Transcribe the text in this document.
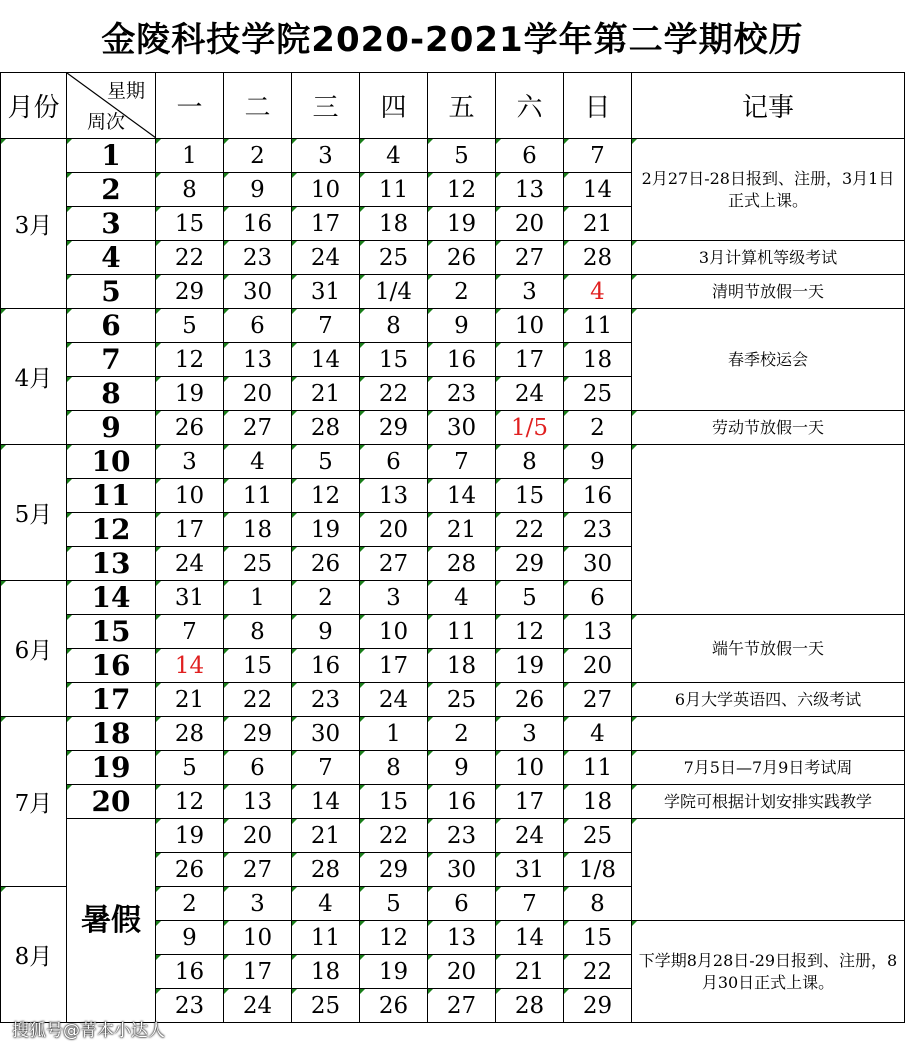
金陵科技学院2020-2021学年第二学期校历
月份	星期
周次	一	二	三	四	五	六	日	记事
3月	1	1	2	3	4	5	6	7	2月27日-28日报到、注册，3月1日正式上课。
	2	8	9	10	11	12	13	14	
	3	15	16	17	18	19	20	21	
	4	22	23	24	25	26	27	28	3月计算机等级考试
	5	29	30	31	1/4	2	3	4	清明节放假一天
4月	6	5	6	7	8	9	10	11	春季校运会
	7	12	13	14	15	16	17	18	
	8	19	20	21	22	23	24	25	
	9	26	27	28	29	30	1/5	2	劳动节放假一天
5月	10	3	4	5	6	7	8	9	
	11	10	11	12	13	14	15	16	
	12	17	18	19	20	21	22	23	
	13	24	25	26	27	28	29	30	
6月	14	31	1	2	3	4	5	6	
	15	7	8	9	10	11	12	13	端午节放假一天
	16	14	15	16	17	18	19	20	
	17	21	22	23	24	25	26	27	6月大学英语四、六级考试
7月	18	28	29	30	1	2	3	4	
	19	5	6	7	8	9	10	11	7月5日—7月9日考试周
	20	12	13	14	15	16	17	18	学院可根据计划安排实践教学
	暑假	19	20	21	22	23	24	25	
		26	27	28	29	30	31	1/8	
8月		2	3	4	5	6	7	8	
		9	10	11	12	13	14	15	下学期8月28日-29日报到、注册，8月30日正式上课。
		16	17	18	19	20	21	22	
		23	24	25	26	27	28	29	
搜狐号@菁本小达人
